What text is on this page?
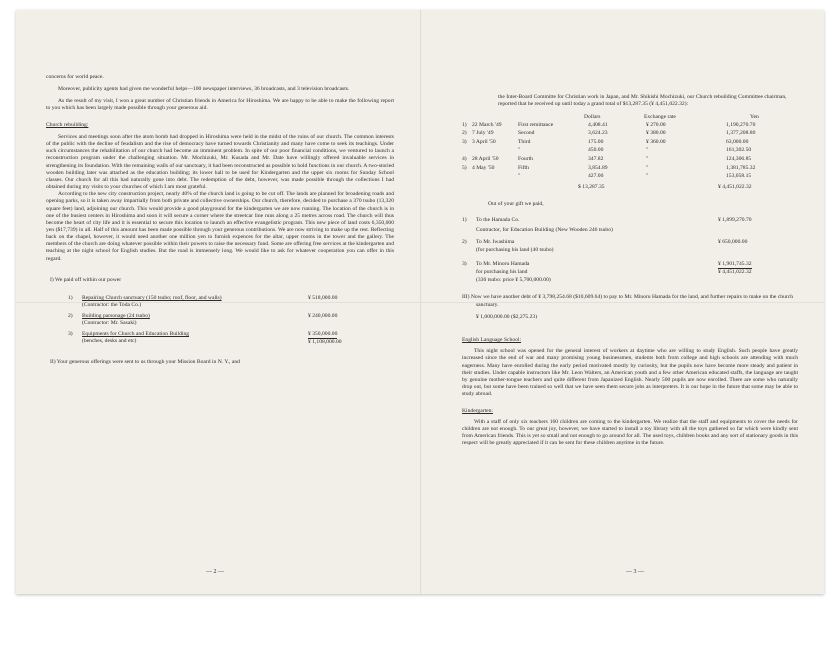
concerns for world peace.

Moreover, publicity agents had given me wonderful helps—100 newspaper interviews, 36 broadcasts, and 3 television broadcasts.

As the result of my visit, I won a great number of Christian friends in America for Hiroshima. We are happy to be able to make the following report to you which has been largely made possible through your generous aid.

Church rebuilding:

Services and meetings soon after the atom bomb had dropped in Hiroshima were held in the midst of the ruins of our church. The common interests of the public with the decline of feudalism and the rise of democracy have turned towards Christianity and many have come to seek its teachings. Under such circumstances the rehabilitation of our church had become an imminent problem. In spite of our poor financial conditions, we ventured to launch a reconstruction program under the challenging situation. Mr. Mochizuki, Mr. Kusada and Mr. Date have willingly offered invaluable services in strengthening its foundation. With the remaining walls of our sanctuary, it had been reconstructed as possible to hold functions in our church. A two-storied wooden building later was attached as the education building; its lower hall to be used for Kindergarten and the upper six rooms for Sunday School classes. Our church for all this had naturally gone into debt. The redemption of the debt, however, was made possible through the collections I had obtained during my visits to your churches of which I am most grateful.

According to the new city construction project, nearly 40% of the church land is going to be cut off. The lands are planned for broadening roads and opening parks, so it is taken away impartially from both private and collective ownerships. Our church, therefore, decided to purchase a 370 tsubo (13,320 square feet) land, adjoining our church. This would provide a good playground for the kindergarten we are now running. The location of the church is in one of the busiest centers in Hiroshima and soon it will secure a corner where the streetcar line runs along a 25 metres across road. The church will thus become the heart of city life and it is essential to secure this location to launch an effective evangelistic program. This new piece of land costs 6,350,000 yen ($17,739) in all. Half of this amount has been made possible through your generous contributions. We are now striving to make up the rest. Reflecting back on the chapel, however, it would need another one million yen to furnish expences for the altar, upper rooms in the tower and the gallery. The members of the church are doing whatever possible within their powers to raise the necessary fund. Some are offering free services at the kindergarten and teaching at the night school for English studies. But the road is immensely long. We would like to ask for whatever cooperation you can offer in this regard.

I) We paid off within our power

1) Repairing Church sanctuary (150 tsubo; roof, floor, and walls)	¥ 518,000.00
(Contractor: the Toda Co.)
2) Building parsonage (24 tsubo)	¥ 240,000.00
(Contractor: Mr. Sasaki)
3) Equipments for Church and Education Building	¥ 350,000.00
(benches, desks and etc)	¥ 1,108,000.00

II) Your generous offerings were sent to us through your Mission Board in N. Y., and

— 2 —

the Inter-Board Committe for Christian work in Japan, and Mr. Shikishi Mochizuki, our Church rebuilding Committee chairman, reported that he received up until today a grand total of $13,287.35 (¥ 4,451,022.32):

Dollars	Exchange rate	Yen
1) 22 March '49	First remittance	4,408.41	¥ 270.00	1,190,270.70
2) 7 July '49	Second	3,624.23	¥ 380.00	1,377,208.80
3) 3 April '50	Third	175.00	¥ 360.00	63,000.00
"	450.00	"	161,302.50
4) 28 April '50	Fourth	347.82	"	124,306.85
5) 4 May '50	Fifth	3,854.89	"	1,381,785.32
"	427.00	"	153,058.15
$ 13,287.35	¥ 4,451,022.32

Out of your gift we paid,

1) To the Hamada Co.	¥ 1,899,270.70
Contractor, for Education Building (New Wooden 246 tsubo)
2) To Mr. Iwashima	¥ 650,000.00
(for purchasing his land (40 tsubo)
3) To Mr. Minoru Hamada	¥ 1,901,745.32
for purchasing his land	¥ 4,451,022.32
(330 tsubo: price ¥ 5,700,000.00)

III) Now we have another debt of ¥ 3,798,254.68 ($10,609.64) to pay to Mr. Minoru Hamada for the land, and further repairs to make on the church sanctuary.

¥ 1,000,000.00 ($2,275.23)

English Language School:

This night school was opened for the general interest of workers at daytime who are willing to study English. Such people have greatly increased since the end of war and many promising young businessmen, students both from college and high schools are attending with much eagerness. Many have enrolled during the early period motivated mostly by curiosity, but the pupils now have become more steady and patient in their studies. Under capable instructors like Mr. Leon Walters, an American youth and a few other American educated staffs, the language are taught by genuine mother-tongue teachers and quite different from Japanized English. Nearly 500 pupils are now enrolled. There are some who naturally drop out, but some have been trained so well that we have seen them secure jobs as interpreters. It is our hope in the future that some may be able to study abroad.

Kindergarten:

With a staff of only six teachers 160 children are coming to the kindergarten. We realize that the staff and equipments to cover the needs for children are not enough. To our great joy, however, we have started to install a toy library with all the toys gathered so far which were kindly sent from American friends. This is yet so small and not enough to go around for all. The used toys, children books and any sort of stationary goods in this respect will be greatly appreciated if it can be sent for these children anytime in the future.

— 3 —
